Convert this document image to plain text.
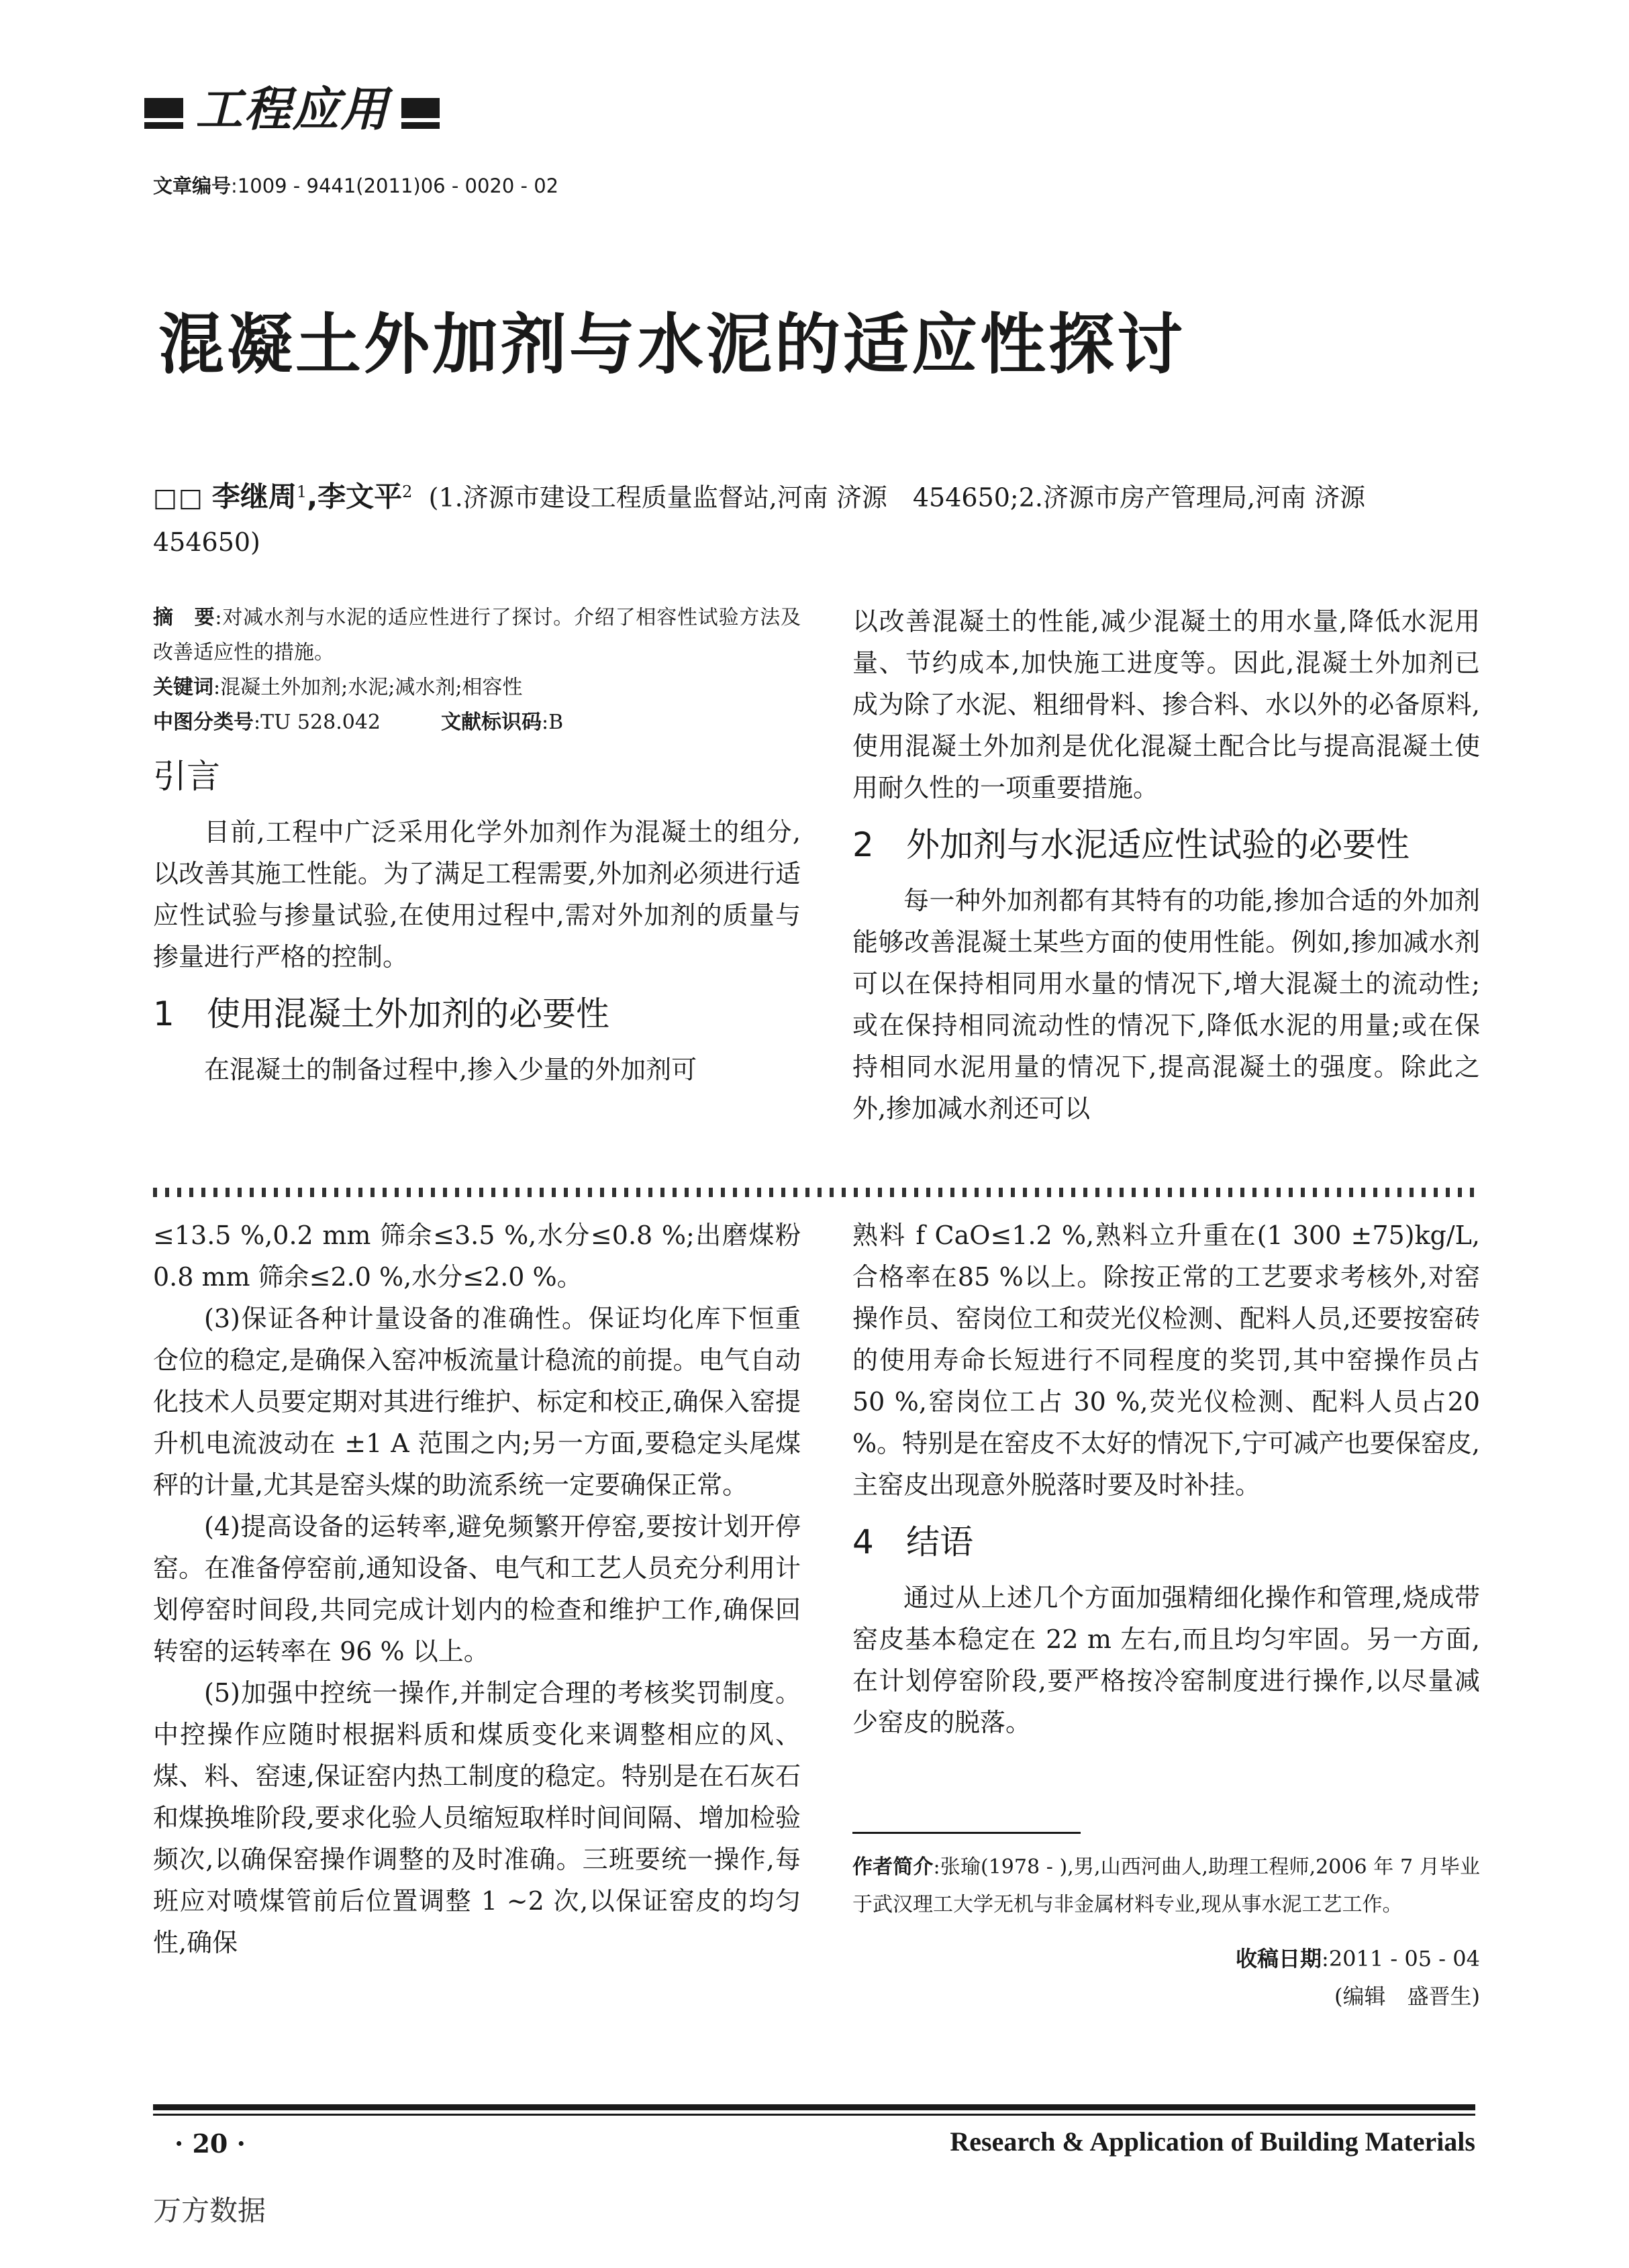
工程应用
文章编号:1009 - 9441(2011)06 - 0020 - 02
混凝土外加剂与水泥的适应性探讨
□□ 李继周$^1$,李文平$^2$ (1.济源市建设工程质量监督站,河南 济源　454650;2.济源市房产管理局,河南 济源　454650)

摘　要:对减水剂与水泥的适应性进行了探讨。介绍了相容性试验方法及改善适应性的措施。

关键词:混凝土外加剂;水泥;减水剂;相容性

中图分类号:TU 528.042   	文献标识码:B

引言

目前,工程中广泛采用化学外加剂作为混凝土的组分,以改善其施工性能。为了满足工程需要,外加剂必须进行适应性试验与掺量试验,在使用过程中,需对外加剂的质量与掺量进行严格的控制。

1 使用混凝土外加剂的必要性

在混凝土的制备过程中,掺入少量的外加剂可

以改善混凝土的性能,减少混凝土的用水量,降低水泥用量、节约成本,加快施工进度等。因此,混凝土外加剂已成为除了水泥、粗细骨料、掺合料、水以外的必备原料,使用混凝土外加剂是优化混凝土配合比与提高混凝土使用耐久性的一项重要措施。

2 外加剂与水泥适应性试验的必要性

每一种外加剂都有其特有的功能,掺加合适的外加剂能够改善混凝土某些方面的使用性能。例如,掺加减水剂可以在保持相同用水量的情况下,增大混凝土的流动性;或在保持相同流动性的情况下,降低水泥的用量;或在保持相同水泥用量的情况下,提高混凝土的强度。除此之外,掺加减水剂还可以

≤13.5 %,0.2 mm 筛余≤3.5 %,水分≤0.8 %;出磨煤粉 0.8 mm 筛余≤2.0 %,水分≤2.0 %。

(3)保证各种计量设备的准确性。保证均化库下恒重仓位的稳定,是确保入窑冲板流量计稳流的前提。电气自动化技术人员要定期对其进行维护、标定和校正,确保入窑提升机电流波动在 ±1 A 范围之内;另一方面,要稳定头尾煤秤的计量,尤其是窑头煤的助流系统一定要确保正常。

(4)提高设备的运转率,避免频繁开停窑,要按计划开停窑。在准备停窑前,通知设备、电气和工艺人员充分利用计划停窑时间段,共同完成计划内的检查和维护工作,确保回转窑的运转率在 96 % 以上。

(5)加强中控统一操作,并制定合理的考核奖罚制度。中控操作应随时根据料质和煤质变化来调整相应的风、煤、料、窑速,保证窑内热工制度的稳定。特别是在石灰石和煤换堆阶段,要求化验人员缩短取样时间间隔、增加检验频次,以确保窑操作调整的及时准确。三班要统一操作,每班应对喷煤管前后位置调整 1 ~2 次,以保证窑皮的均匀性,确保

熟料 f CaO≤1.2 %,熟料立升重在(1 300 ±75)kg/L,合格率在85 %以上。除按正常的工艺要求考核外,对窑操作员、窑岗位工和荧光仪检测、配料人员,还要按窑砖的使用寿命长短进行不同程度的奖罚,其中窑操作员占 50 %,窑岗位工占 30 %,荧光仪检测、配料人员占20 %。特别是在窑皮不太好的情况下,宁可减产也要保窑皮,主窑皮出现意外脱落时要及时补挂。

4 结语

通过从上述几个方面加强精细化操作和管理,烧成带窑皮基本稳定在 22 m 左右,而且均匀牢固。另一方面,在计划停窑阶段,要严格按冷窑制度进行操作,以尽量减少窑皮的脱落。

作者简介:张瑜(1978 - ),男,山西河曲人,助理工程师,2006 年 7 月毕业于武汉理工大学无机与非金属材料专业,现从事水泥工艺工作。

收稿日期:2011 - 05 - 04

(编辑　盛晋生)

· 20 ·	Research & Application of Building Materials
万方数据
